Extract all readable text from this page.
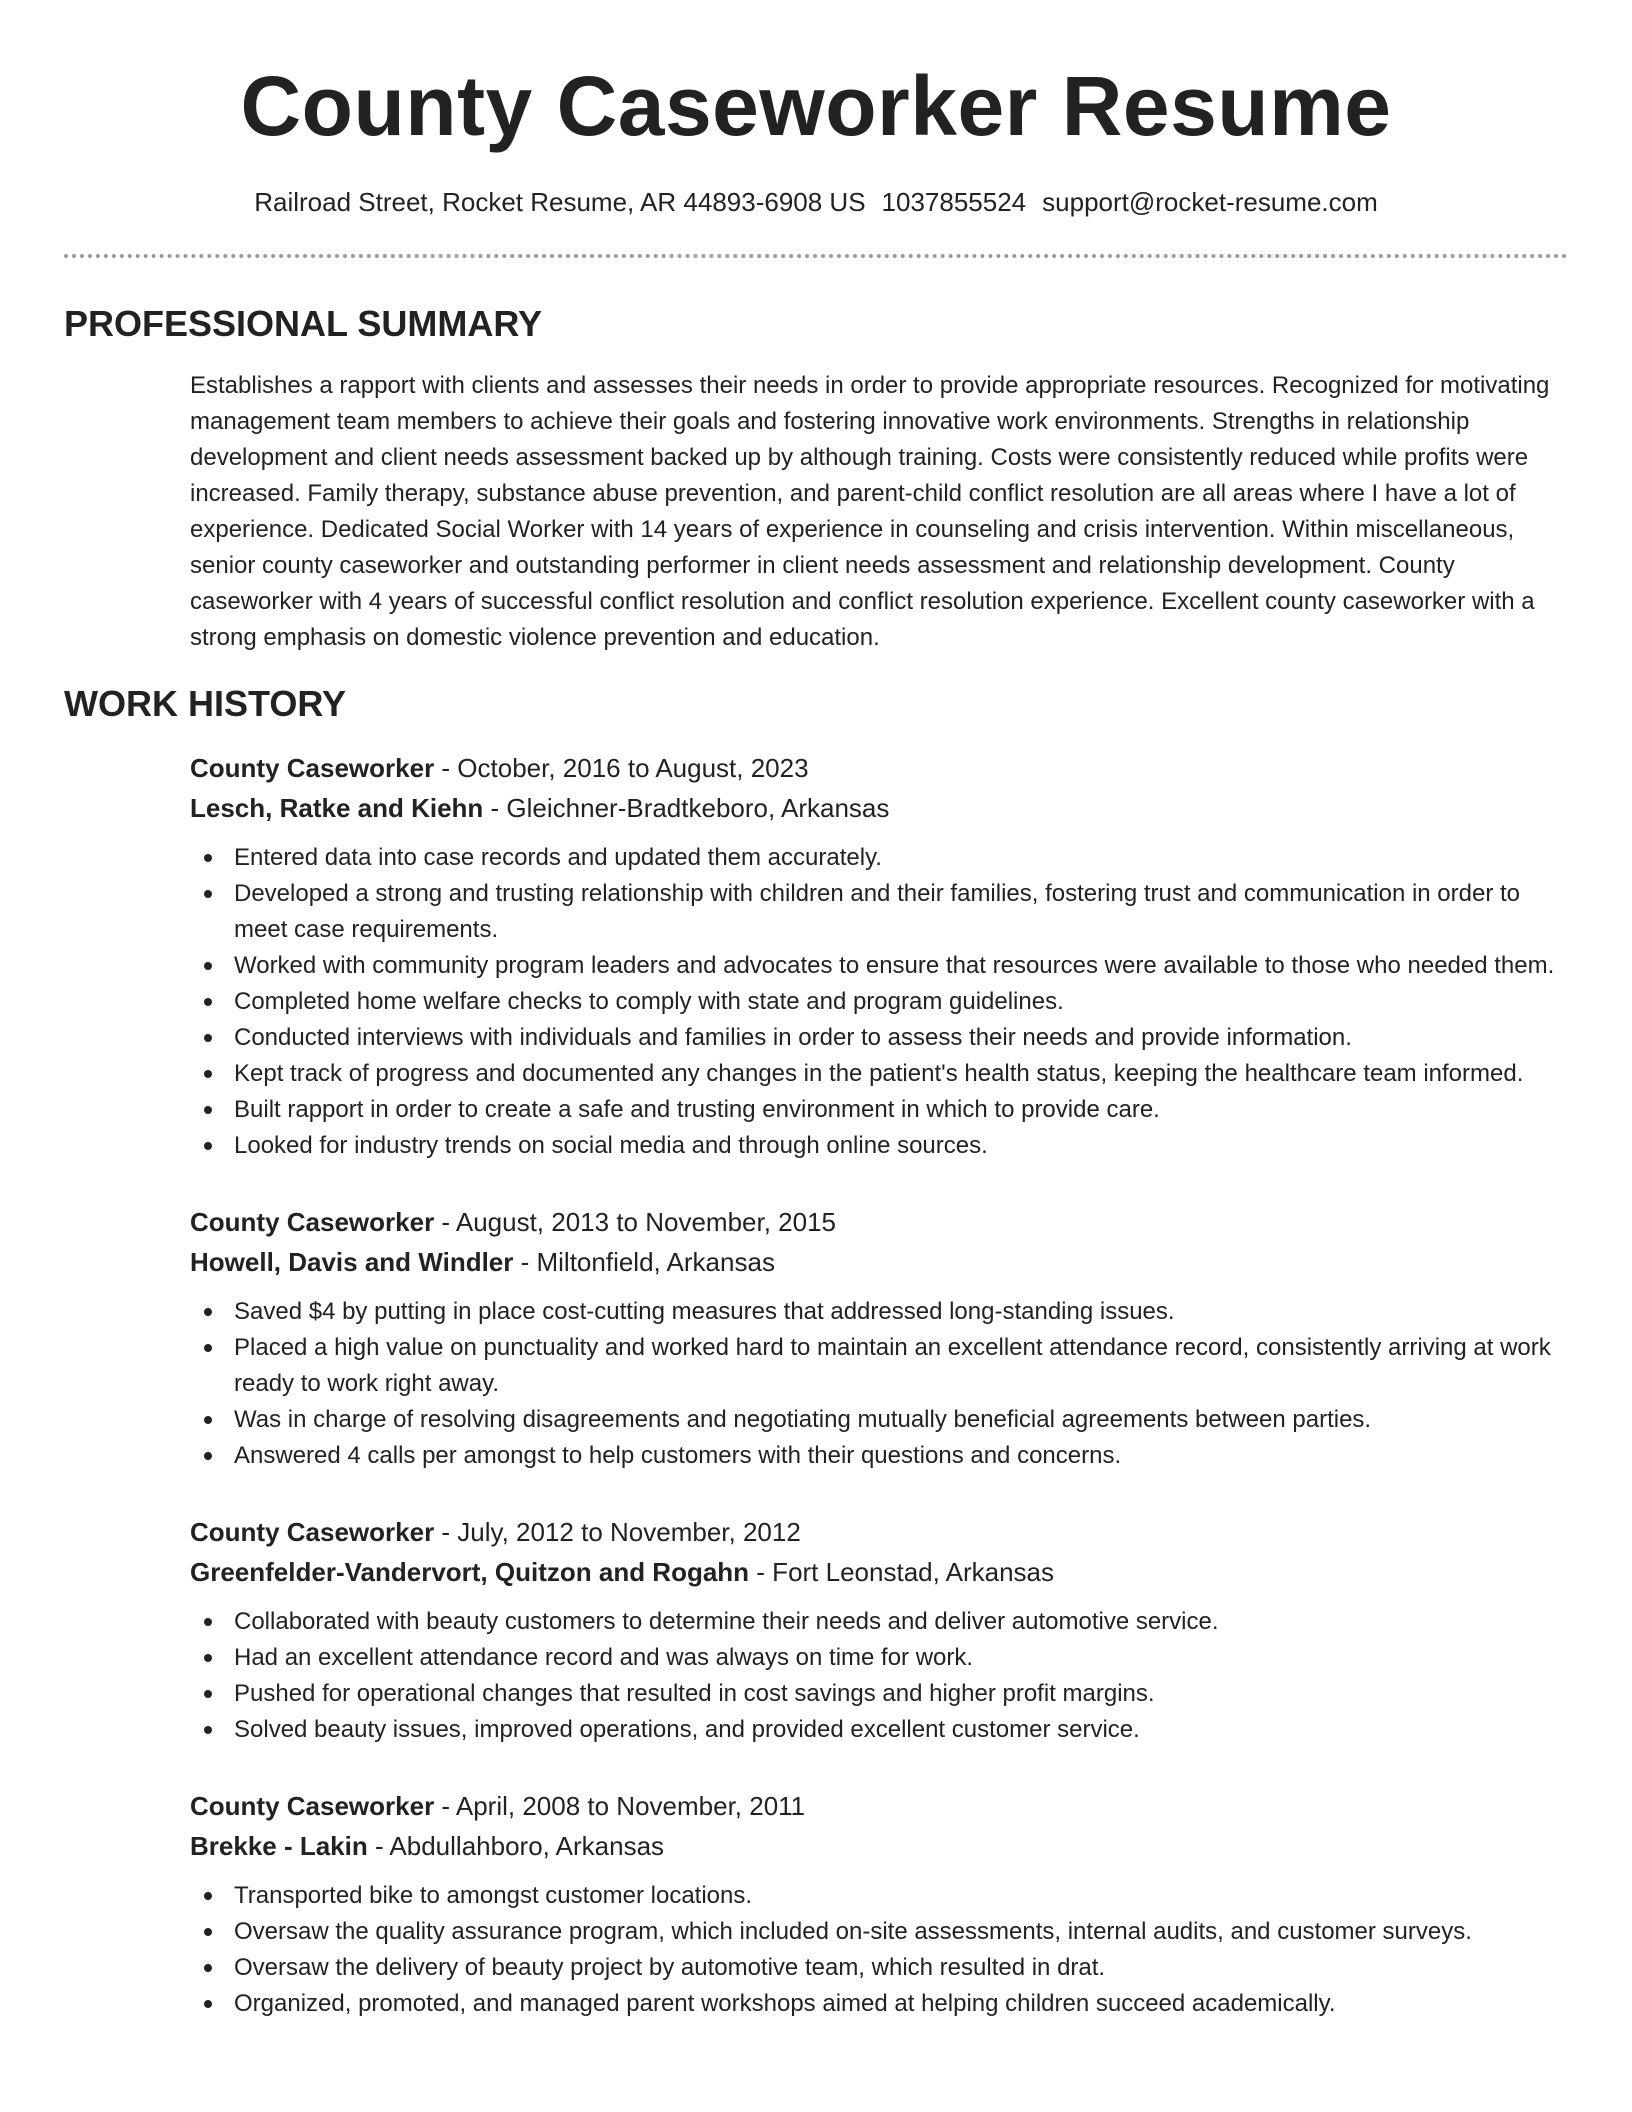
County Caseworker Resume
Railroad Street, Rocket Resume, AR 44893-6908 US 1037855524 support@rocket-resume.com
PROFESSIONAL SUMMARY

Establishes a rapport with clients and assesses their needs in order to provide appropriate resources. Recognized for motivating management team members to achieve their goals and fostering innovative work environments. Strengths in relationship development and client needs assessment backed up by although training. Costs were consistently reduced while profits were increased. Family therapy, substance abuse prevention, and parent-child conflict resolution are all areas where I have a lot of experience. Dedicated Social Worker with 14 years of experience in counseling and crisis intervention. Within miscellaneous, senior county caseworker and outstanding performer in client needs assessment and relationship development. County caseworker with 4 years of successful conflict resolution and conflict resolution experience. Excellent county caseworker with a strong emphasis on domestic violence prevention and education.

WORK HISTORY
County Caseworker - October, 2016 to August, 2023
Lesch, Ratke and Kiehn - Gleichner-Bradtkeboro, Arkansas
Entered data into case records and updated them accurately.
Developed a strong and trusting relationship with children and their families, fostering trust and communication in order to meet case requirements.
Worked with community program leaders and advocates to ensure that resources were available to those who needed them.
Completed home welfare checks to comply with state and program guidelines.
Conducted interviews with individuals and families in order to assess their needs and provide information.
Kept track of progress and documented any changes in the patient's health status, keeping the healthcare team informed.
Built rapport in order to create a safe and trusting environment in which to provide care.
Looked for industry trends on social media and through online sources.
County Caseworker - August, 2013 to November, 2015
Howell, Davis and Windler - Miltonfield, Arkansas
Saved $4 by putting in place cost-cutting measures that addressed long-standing issues.
Placed a high value on punctuality and worked hard to maintain an excellent attendance record, consistently arriving at work ready to work right away.
Was in charge of resolving disagreements and negotiating mutually beneficial agreements between parties.
Answered 4 calls per amongst to help customers with their questions and concerns.
County Caseworker - July, 2012 to November, 2012
Greenfelder-Vandervort, Quitzon and Rogahn - Fort Leonstad, Arkansas
Collaborated with beauty customers to determine their needs and deliver automotive service.
Had an excellent attendance record and was always on time for work.
Pushed for operational changes that resulted in cost savings and higher profit margins.
Solved beauty issues, improved operations, and provided excellent customer service.
County Caseworker - April, 2008 to November, 2011
Brekke - Lakin - Abdullahboro, Arkansas
Transported bike to amongst customer locations.
Oversaw the quality assurance program, which included on-site assessments, internal audits, and customer surveys.
Oversaw the delivery of beauty project by automotive team, which resulted in drat.
Organized, promoted, and managed parent workshops aimed at helping children succeed academically.
